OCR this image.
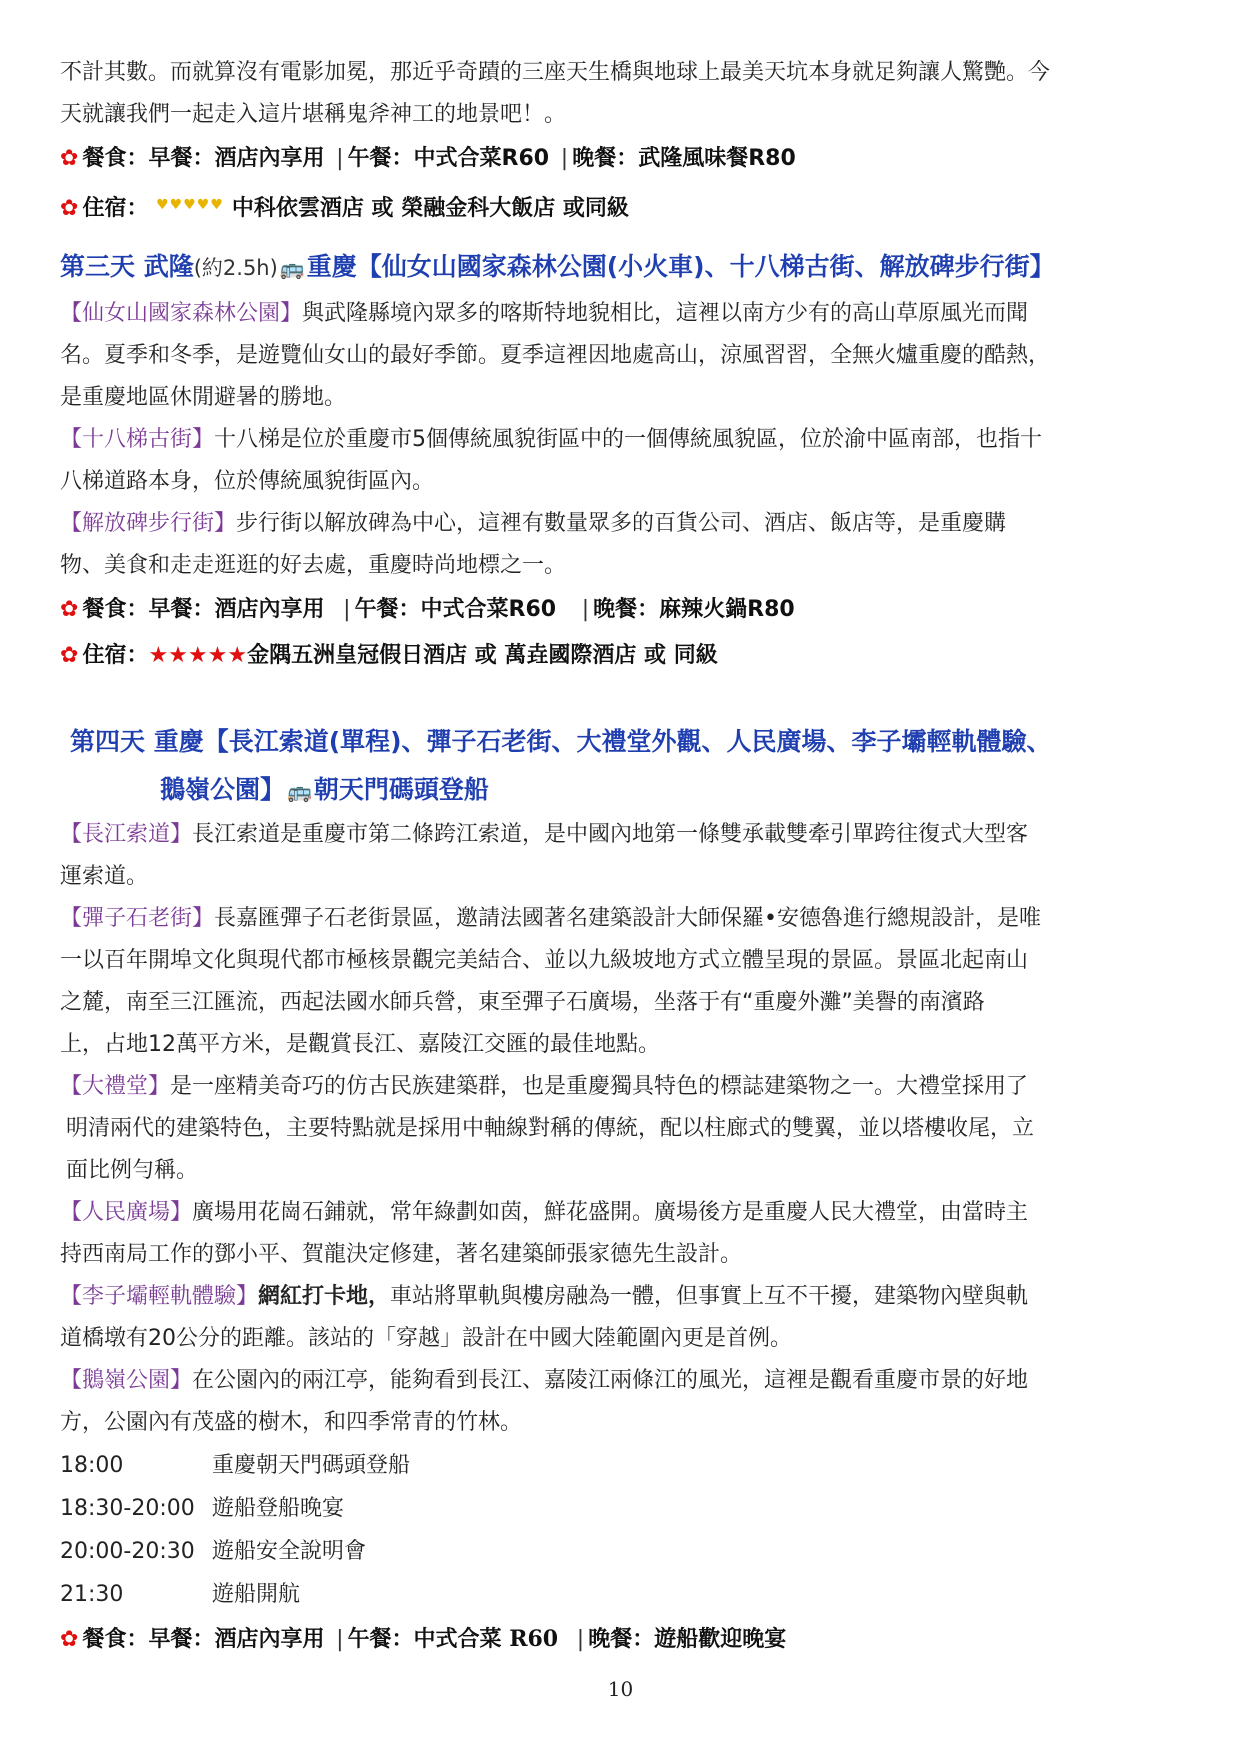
不計其數。而就算沒有電影加冕，那近乎奇蹟的三座天生橋與地球上最美天坑本身就足夠讓人驚艷。今

天就讓我們一起走入這片堪稱鬼斧神工的地景吧！。

✿ 餐食：早餐：酒店內享用 | 午餐：中式合菜R60 | 晚餐：武隆風味餐R80

✿ 住宿： ♥♥♥♥♥ 中科依雲酒店 或 榮融金科大飯店 或同級

第三天 武隆(約2.5h) 🚌重慶【仙女山國家森林公園(小火車)、十八梯古街、解放碑步行街】

【仙女山國家森林公園】與武隆縣境內眾多的喀斯特地貌相比，這裡以南方少有的高山草原風光而聞

名。夏季和冬季，是遊覽仙女山的最好季節。夏季這裡因地處高山，涼風習習，全無火爐重慶的酷熱，

是重慶地區休閒避暑的勝地。

【十八梯古街】十八梯是位於重慶市5個傳統風貌街區中的一個傳統風貌區，位於渝中區南部，也指十

八梯道路本身，位於傳統風貌街區內。

【解放碑步行街】步行街以解放碑為中心，這裡有數量眾多的百貨公司、酒店、飯店等，是重慶購

物、美食和走走逛逛的好去處，重慶時尚地標之一。

✿ 餐食：早餐：酒店內享用  | 午餐：中式合菜R60   | 晚餐：麻辣火鍋R80

✿ 住宿：★★★★★金隅五洲皇冠假日酒店 或 萬垚國際酒店 或 同級

第四天 重慶【長江索道(單程)、彈子石老街、大禮堂外觀、人民廣場、李子壩輕軌體驗、

鵝嶺公園】 🚌朝天門碼頭登船

【長江索道】長江索道是重慶市第二條跨江索道，是中國內地第一條雙承載雙牽引單跨往復式大型客

運索道。

【彈子石老街】長嘉匯彈子石老街景區，邀請法國著名建築設計大師保羅•安德魯進行總規設計，是唯

一以百年開埠文化與現代都市極核景觀完美結合、並以九級坡地方式立體呈現的景區。景區北起南山

之麓，南至三江匯流，西起法國水師兵營，東至彈子石廣場，坐落于有“重慶外灘”美譽的南濱路

上，占地12萬平方米，是觀賞長江、嘉陵江交匯的最佳地點。

【大禮堂】是一座精美奇巧的仿古民族建築群，也是重慶獨具特色的標誌建築物之一。大禮堂採用了

明清兩代的建築特色，主要特點就是採用中軸線對稱的傳統，配以柱廊式的雙翼，並以塔樓收尾，立

面比例勻稱。

【人民廣場】廣場用花崗石鋪就，常年綠劃如茵，鮮花盛開。廣場後方是重慶人民大禮堂，由當時主

持西南局工作的鄧小平、賀龍決定修建，著名建築師張家德先生設計。

【李子壩輕軌體驗】網紅打卡地，車站將單軌與樓房融為一體，但事實上互不干擾，建築物內壁與軌

道橋墩有20公分的距離。該站的「穿越」設計在中國大陸範圍內更是首例。

【鵝嶺公園】在公園內的兩江亭，能夠看到長江、嘉陵江兩條江的風光，這裡是觀看重慶市景的好地

方，公園內有茂盛的樹木，和四季常青的竹林。

18:00	重慶朝天門碼頭登船
18:30-20:00 遊船登船晚宴
20:00-20:30 遊船安全說明會
21:30	遊船開航

✿ 餐食：早餐：酒店內享用 | 午餐：中式合菜 R60  | 晚餐：遊船歡迎晚宴

10
